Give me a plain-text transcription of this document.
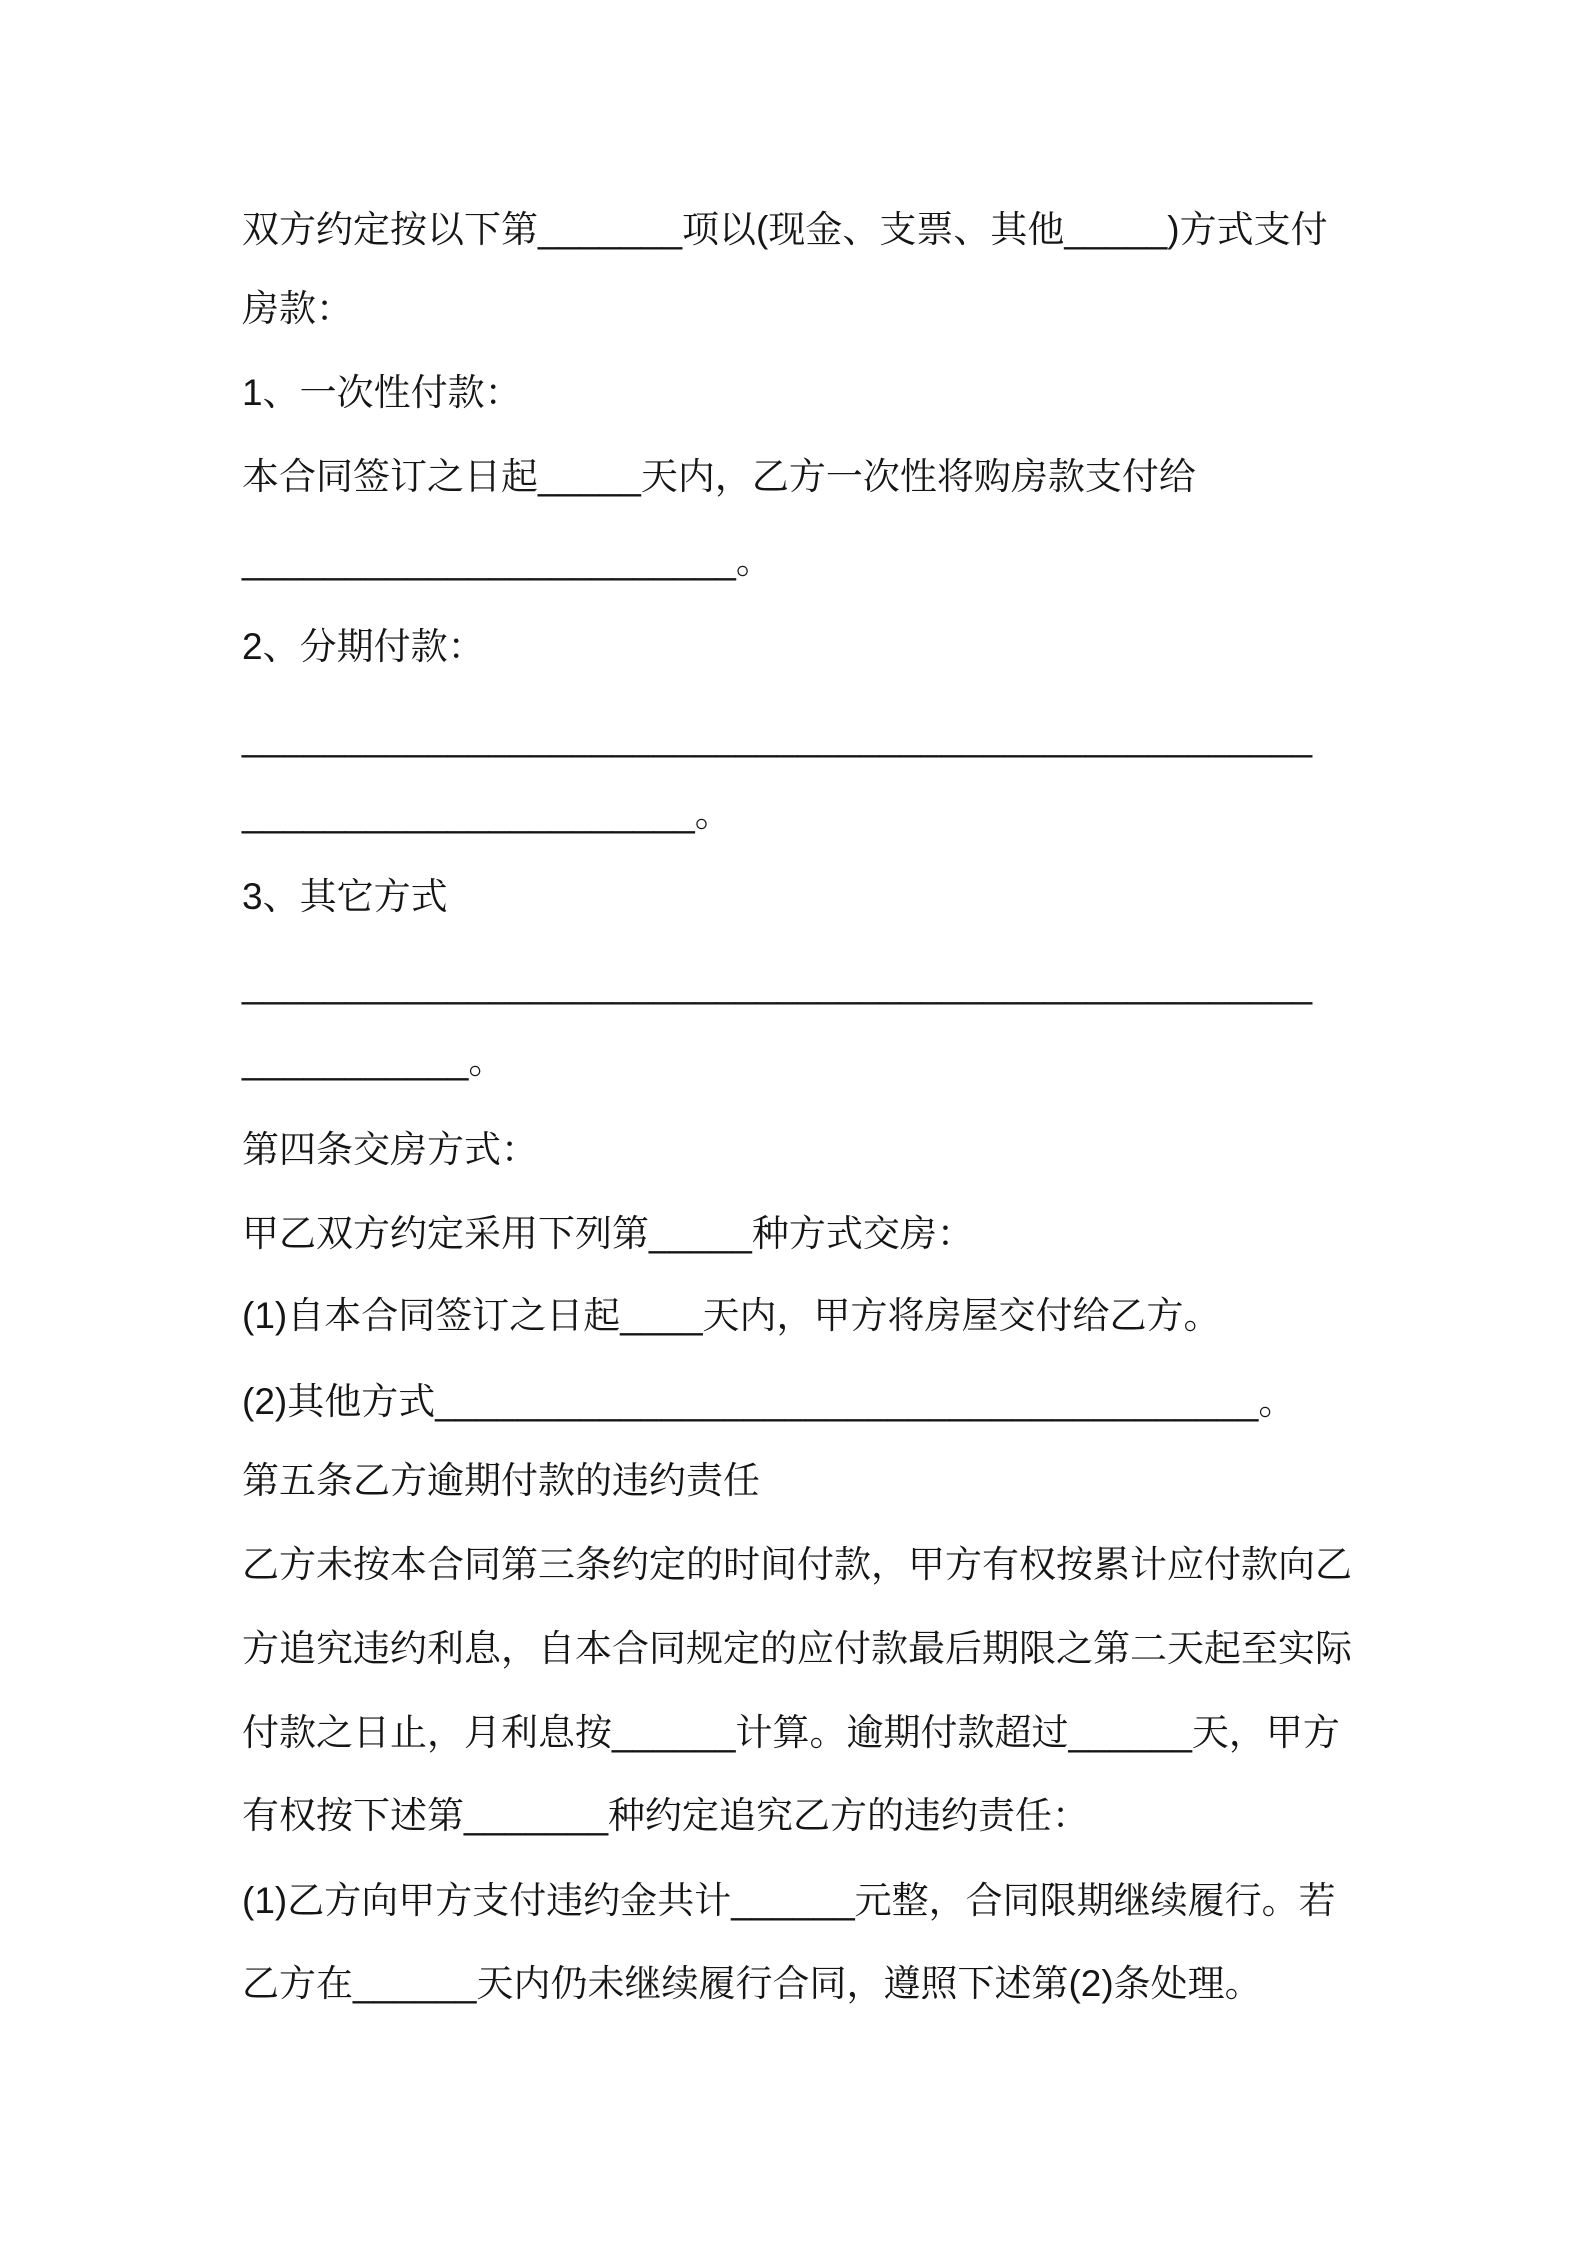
双方约定按以下第_______项以(现金、支票、其他_____)方式支付
房款：
1、一次性付款：
本合同签订之日起_____天内，乙方一次性将购房款支付给
________________________。
2、分期付款：
____________________________________________________
______________________。
3、其它方式
____________________________________________________
___________。
第四条交房方式：
甲乙双方约定采用下列第_____种方式交房：
(1)自本合同签订之日起____天内，甲方将房屋交付给乙方。
(2)其他方式________________________________________。
第五条乙方逾期付款的违约责任
乙方未按本合同第三条约定的时间付款，甲方有权按累计应付款向乙
方追究违约利息，自本合同规定的应付款最后期限之第二天起至实际
付款之日止，月利息按______计算。逾期付款超过______天，甲方
有权按下述第_______种约定追究乙方的违约责任：
(1)乙方向甲方支付违约金共计______元整，合同限期继续履行。若
乙方在______天内仍未继续履行合同，遵照下述第(2)条处理。
